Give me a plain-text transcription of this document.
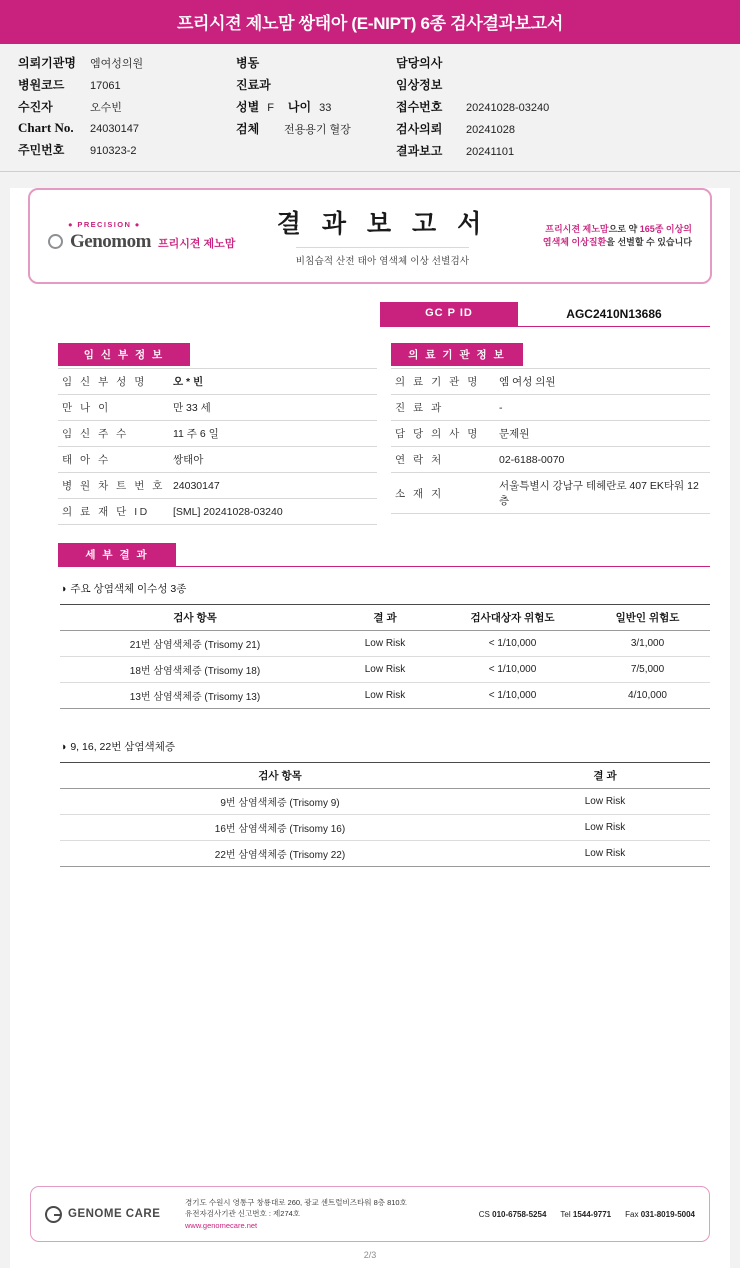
프리시젼 제노맘 쌍태아 (E-NIPT) 6종 검사결과보고서
의뢰기관명	엠여성의원
병원코드	17061
수진자	오수빈
Chart No.	24030147
주민번호	910323-2
병동
진료과
성별 F 나이 33
검체	전용용기 혈장
담당의사
임상정보
접수번호	20241028-03240
검사의뢰	20241028
결과보고	20241101
● PRECISION ●
Genomom 프리시젼 제노맘
결 과 보 고 서
비침습적 산전 태아 염색체 이상 선별검사
프리시젼 제노맘으로 약 165종 이상의
염색체 이상질환을 선별할 수 있습니다
GC P ID	AGC2410N13686
임 신 부 정 보
임 신 부 성 명	오 * 빈
만 나 이	만 33 세
임 신 주 수	11 주 6 일
태 아 수	쌍태아
병 원 차 트 번 호	24030147
의 료 재 단 ID	[SML] 20241028-03240
의 료 기 관 정 보
의 료 기 관 명	엠 여성 의원
진 료 과	-
담 당 의 사 명	문제원
연 락 처	02-6188-0070
소 재 지	서울특별시 강남구 테헤란로 407 EK타워 12층
세 부 결 과
◑ 주요 상염색체 이수성 3종
검사 항목	결 과	검사대상자 위험도	일반인 위험도
21번 삼염색체증 (Trisomy 21)	Low Risk	< 1/10,000	3/1,000
18번 삼염색체증 (Trisomy 18)	Low Risk	< 1/10,000	7/5,000
13번 삼염색체증 (Trisomy 13)	Low Risk	< 1/10,000	4/10,000
◑ 9, 16, 22번 삼염색체증
검사 항목	결 과
9번 삼염색체증 (Trisomy 9)	Low Risk
16번 삼염색체증 (Trisomy 16)	Low Risk
22번 삼염색체증 (Trisomy 22)	Low Risk
GENOME CARE
경기도 수원시 영통구 창룡대로 260, 광교 센트럴비즈타워 8층 810호
유전자검사기관 신고번호 : 제274호
www.genomecare.net
CS 010-6758-5254 Tel 1544-9771 Fax 031-8019-5004
2/3
